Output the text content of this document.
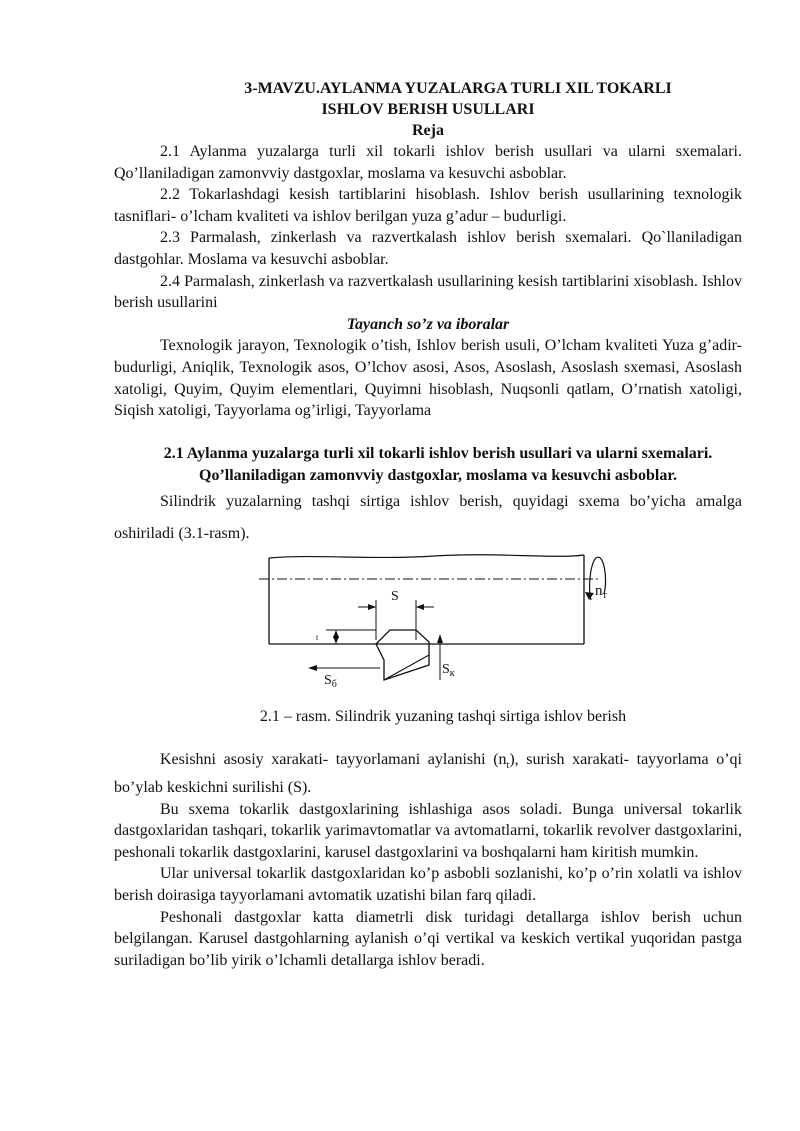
3-MAVZU.AYLANMA YUZALARGA TURLI XIL TOKARLI
ISHLOV BERISH USULLARI
Reja

2.1 Aylanma yuzalarga turli xil tokarli ishlov berish usullari va ularni sxemalari. Qo’llaniladigan zamonvviy dastgoxlar, moslama va kesuvchi asboblar.

2.2 Tokarlashdagi kesish tartiblarini hisoblash. Ishlov berish usullarining texnologik tasniflari- o’lcham kvaliteti va ishlov berilgan yuza g’adur – budurligi.

2.3 Parmalash, zinkerlash va razvertkalash ishlov berish sxemalari. Qo`llaniladigan dastgohlar. Moslama va kesuvchi asboblar.

2.4 Parmalash, zinkerlash va razvertkalash usullarining kesish tartiblarini xisoblash. Ishlov berish usullarini

Tayanch so’z va iboralar

Texnologik jarayon, Texnologik o’tish, Ishlov berish usuli, O’lcham kvaliteti Yuza g’adir-budurligi, Aniqlik, Texnologik asos, O’lchov asosi, Asos, Asoslash, Asoslash sxemasi, Asoslash xatoligi, Quyim, Quyim elementlari, Quyimni hisoblash, Nuqsonli qatlam, O’rnatish xatoligi, Siqish xatoligi, Tayyorlama og’irligi, Tayyorlama

2.1 Aylanma yuzalarga turli xil tokarli ishlov berish usullari va ularni sxemalari. Qo’llaniladigan zamonvviy dastgoxlar, moslama va kesuvchi asboblar.

Silindrik yuzalarning tashqi sirtiga ishlov berish, quyidagi sxema bo’yicha amalga oshiriladi (3.1-rasm).

$n_т$
S
t
$S_б$
$S_к$
2.1 – rasm. Silindrik yuzaning tashqi sirtiga ishlov berish

Kesishni asosiy xarakati- tayyorlamani aylanishi $(n_t)$, surish xarakati- tayyorlama o’qi bo’ylab keskichni surilishi (S).

Bu sxema tokarlik dastgoxlarining ishlashiga asos soladi. Bunga universal tokarlik dastgoxlaridan tashqari, tokarlik yarimavtomatlar va avtomatlarni, tokarlik revolver dastgoxlarini, peshonali tokarlik dastgoxlarini, karusel dastgoxlarini va boshqalarni ham kiritish mumkin.

Ular universal tokarlik dastgoxlaridan ko’p asbobli sozlanishi, ko’p o’rin xolatli va ishlov berish doirasiga tayyorlamani avtomatik uzatishi bilan farq qiladi.

Peshonali dastgoxlar katta diametrli disk turidagi detallarga ishlov berish uchun belgilangan. Karusel dastgohlarning aylanish o’qi vertikal va keskich vertikal yuqoridan pastga suriladigan bo’lib yirik o’lchamli detallarga ishlov beradi.
